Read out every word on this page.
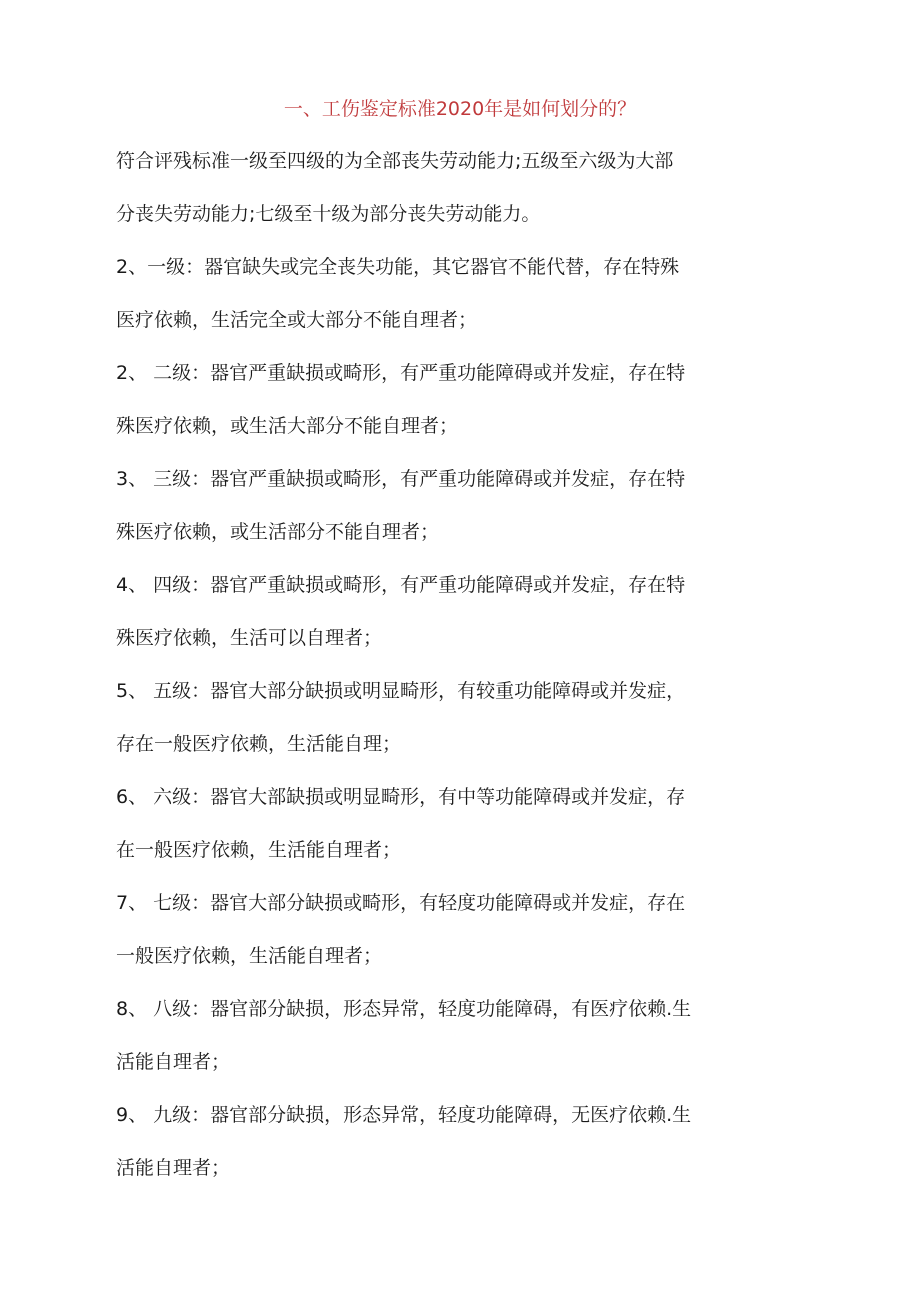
一、工伤鉴定标准2020年是如何划分的？
符合评残标准一级至四级的为全部丧失劳动能力;五级至六级为大部
分丧失劳动能力;七级至十级为部分丧失劳动能力。
2、一级：器官缺失或完全丧失功能，其它器官不能代替，存在特殊
医疗依赖，生活完全或大部分不能自理者；
2、 二级：器官严重缺损或畸形，有严重功能障碍或并发症，存在特
殊医疗依赖，或生活大部分不能自理者；
3、 三级：器官严重缺损或畸形，有严重功能障碍或并发症，存在特
殊医疗依赖，或生活部分不能自理者；
4、 四级：器官严重缺损或畸形，有严重功能障碍或并发症，存在特
殊医疗依赖，生活可以自理者；
5、 五级：器官大部分缺损或明显畸形，有较重功能障碍或并发症，
存在一般医疗依赖，生活能自理；
6、 六级：器官大部缺损或明显畸形，有中等功能障碍或并发症，存
在一般医疗依赖，生活能自理者；
7、 七级：器官大部分缺损或畸形，有轻度功能障碍或并发症，存在
一般医疗依赖，生活能自理者；
8、 八级：器官部分缺损，形态异常，轻度功能障碍，有医疗依赖.生
活能自理者；
9、 九级：器官部分缺损，形态异常，轻度功能障碍，无医疗依赖.生
活能自理者；
